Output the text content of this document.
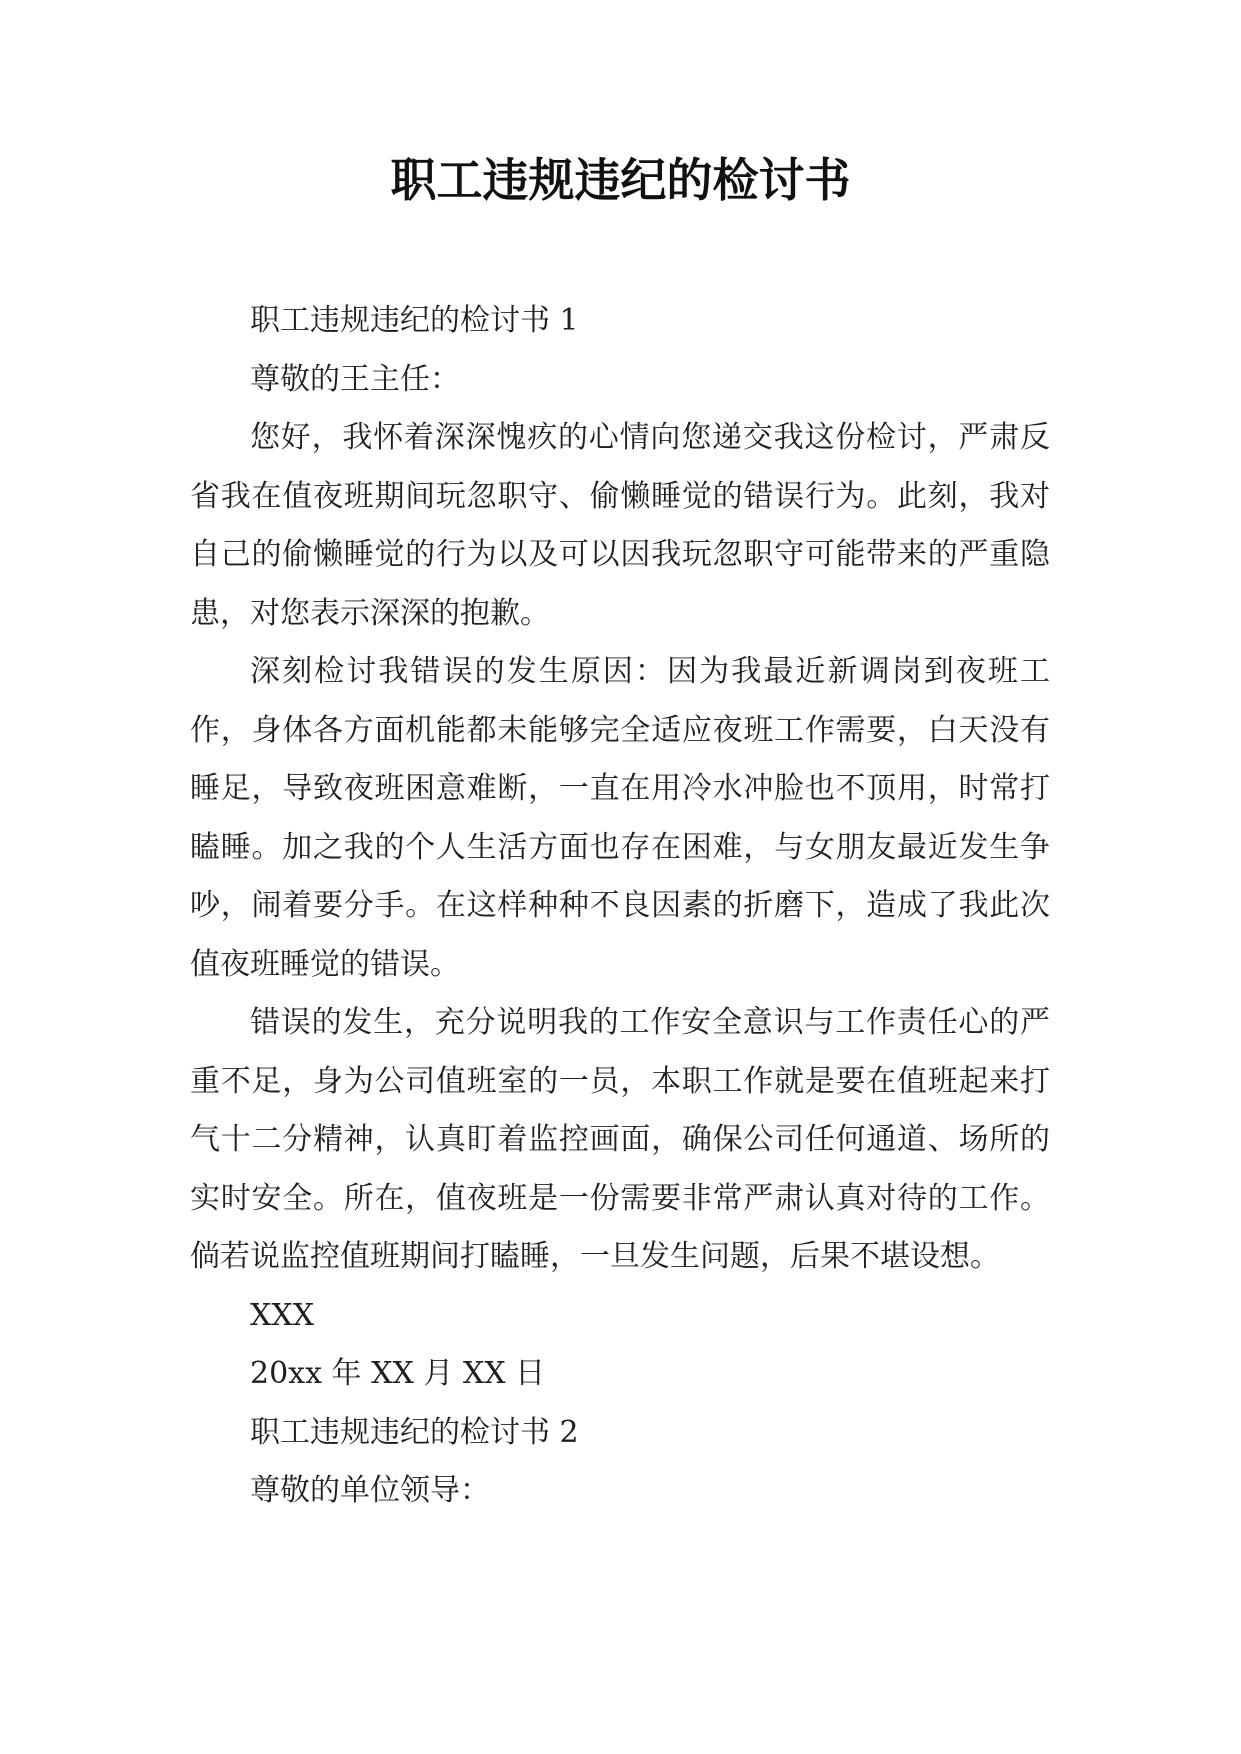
职工违规违纪的检讨书

职工违规违纪的检讨书 1

尊敬的王主任：

您好，我怀着深深愧疚的心情向您递交我这份检讨，严肃反省我在值夜班期间玩忽职守、偷懒睡觉的错误行为。此刻，我对自己的偷懒睡觉的行为以及可以因我玩忽职守可能带来的严重隐患，对您表示深深的抱歉。

深刻检讨我错误的发生原因：因为我最近新调岗到夜班工作，身体各方面机能都未能够完全适应夜班工作需要，白天没有睡足，导致夜班困意难断，一直在用冷水冲脸也不顶用，时常打瞌睡。加之我的个人生活方面也存在困难，与女朋友最近发生争吵，闹着要分手。在这样种种不良因素的折磨下，造成了我此次值夜班睡觉的错误。

错误的发生，充分说明我的工作安全意识与工作责任心的严重不足，身为公司值班室的一员，本职工作就是要在值班起来打气十二分精神，认真盯着监控画面，确保公司任何通道、场所的实时安全。所在，值夜班是一份需要非常严肃认真对待的工作。倘若说监控值班期间打瞌睡，一旦发生问题，后果不堪设想。

XXX

20xx 年 XX 月 XX 日

职工违规违纪的检讨书 2

尊敬的单位领导：
